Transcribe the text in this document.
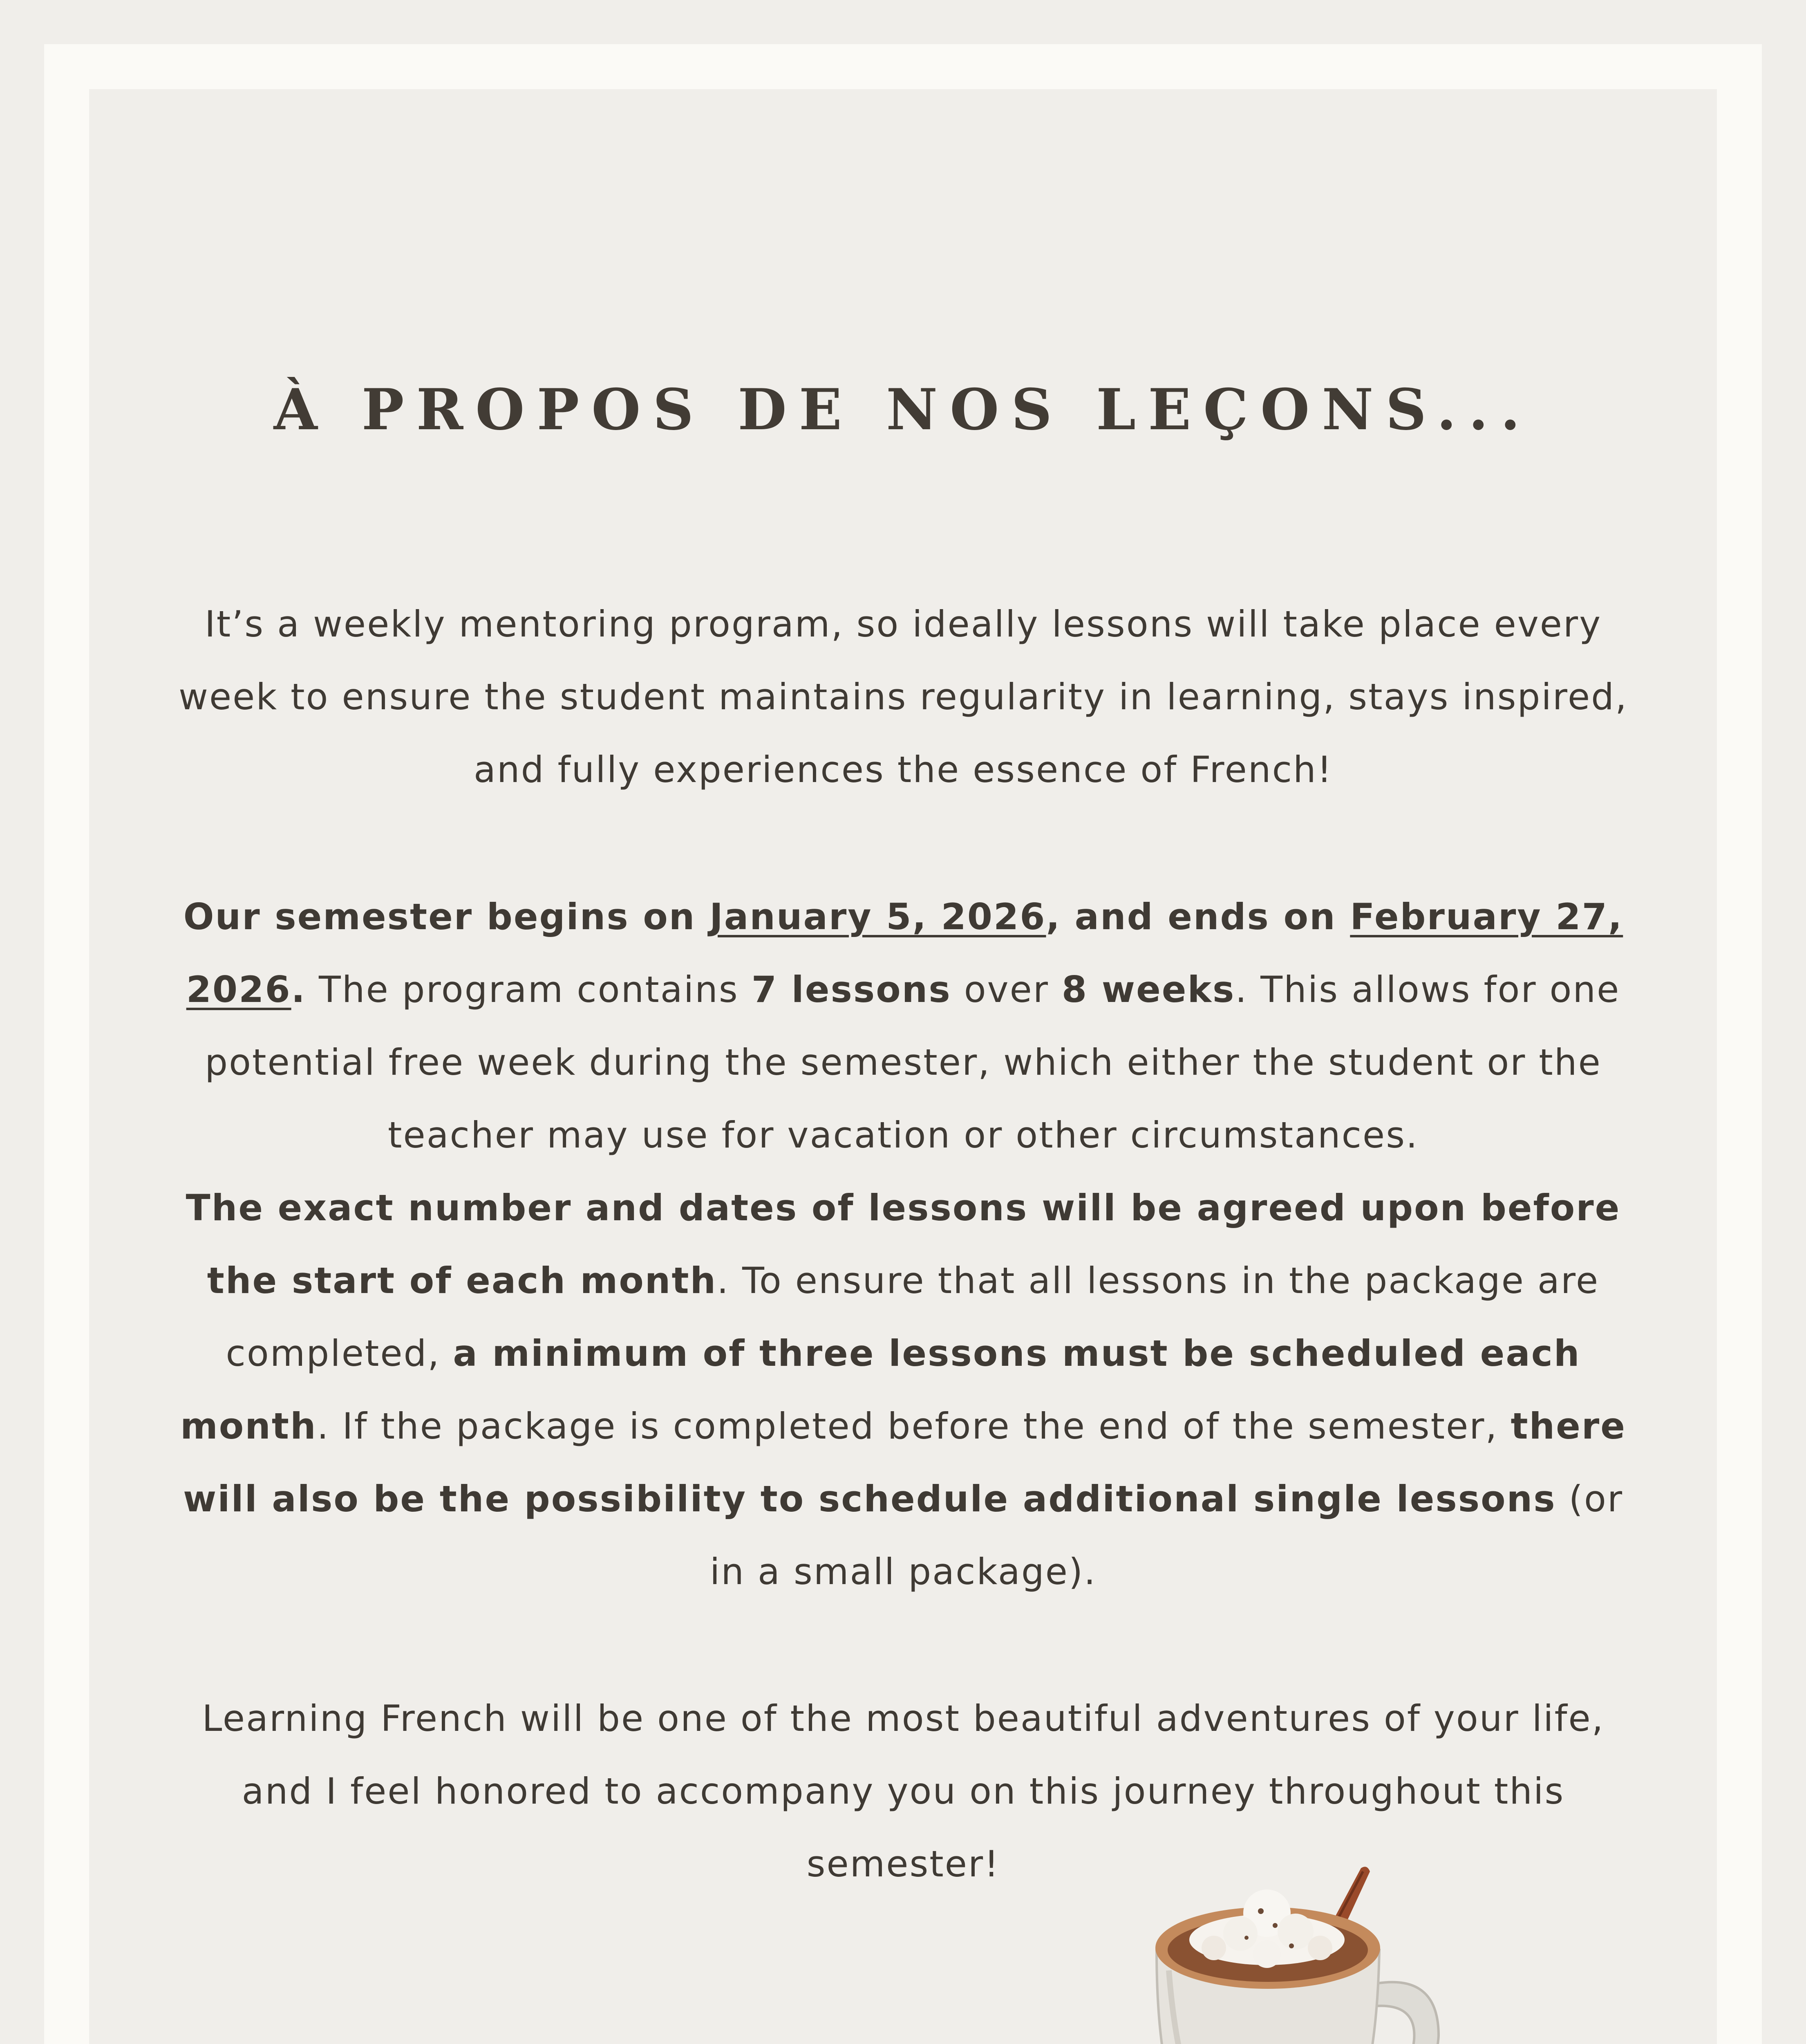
À PROPOS DE NOS LEÇONS...

It’s a weekly mentoring program, so ideally lessons will take place every week to ensure the student maintains regularity in learning, stays inspired, and fully experiences the essence of French!

Our semester begins on January 5, 2026, and ends on February 27, 2026. The program contains 7 lessons over 8 weeks. This allows for one potential free week during the semester, which either the student or the teacher may use for vacation or other circumstances.
The exact number and dates of lessons will be agreed upon before the start of each month. To ensure that all lessons in the package are completed, a minimum of three lessons must be scheduled each month. If the package is completed before the end of the semester, there will also be the possibility to schedule additional single lessons (or in a small package).

Learning French will be one of the most beautiful adventures of your life, and I feel honored to accompany you on this journey throughout this semester!
